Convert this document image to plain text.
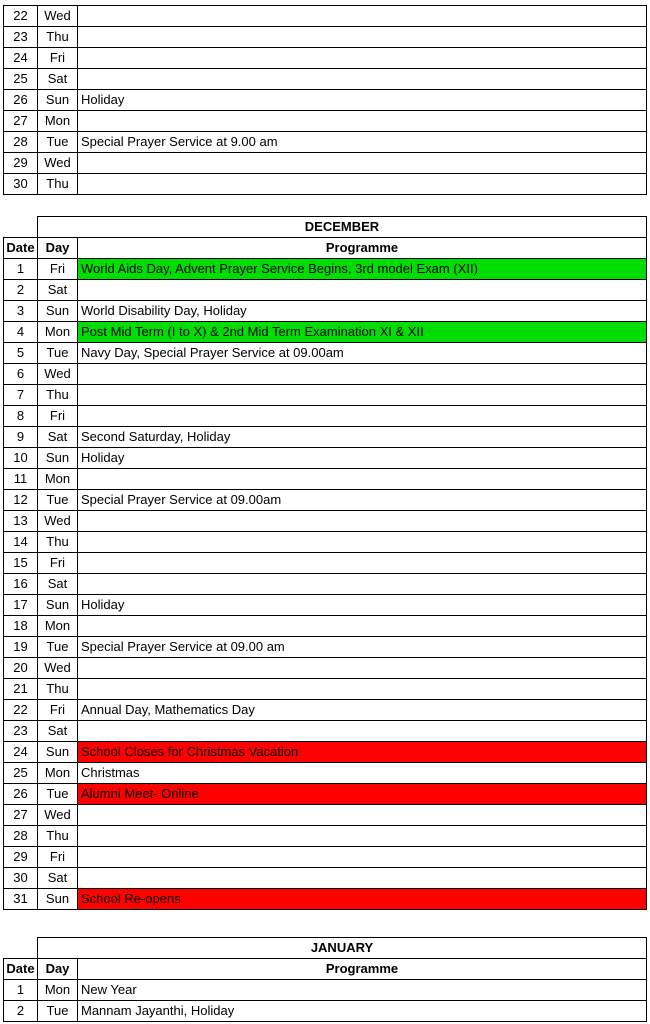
22	Wed	
23	Thu	
24	Fri	
25	Sat	
26	Sun	Holiday
27	Mon	
28	Tue	Special Prayer Service at 9.00 am
29	Wed	
30	Thu	
	DECEMBER	
Date	Day	Programme
1	Fri	World Aids Day, Advent Prayer Service Begins, 3rd model Exam (XII)
2	Sat	
3	Sun	World Disability Day, Holiday
4	Mon	Post Mid Term (I to X) & 2nd Mid Term Examination XI & XII
5	Tue	Navy Day, Special Prayer Service at 09.00am
6	Wed	
7	Thu	
8	Fri	
9	Sat	Second Saturday, Holiday
10	Sun	Holiday
11	Mon	
12	Tue	Special Prayer Service at 09.00am
13	Wed	
14	Thu	
15	Fri	
16	Sat	
17	Sun	Holiday
18	Mon	
19	Tue	Special Prayer Service at 09.00 am
20	Wed	
21	Thu	
22	Fri	Annual Day, Mathematics Day
23	Sat	
24	Sun	School Closes for Christmas Vacation
25	Mon	Christmas
26	Tue	Alumni Meet- Online
27	Wed	
28	Thu	
29	Fri	
30	Sat	
31	Sun	School Re-opens
	JANUARY	
Date	Day	Programme
1	Mon	New Year
2	Tue	Mannam Jayanthi, Holiday
